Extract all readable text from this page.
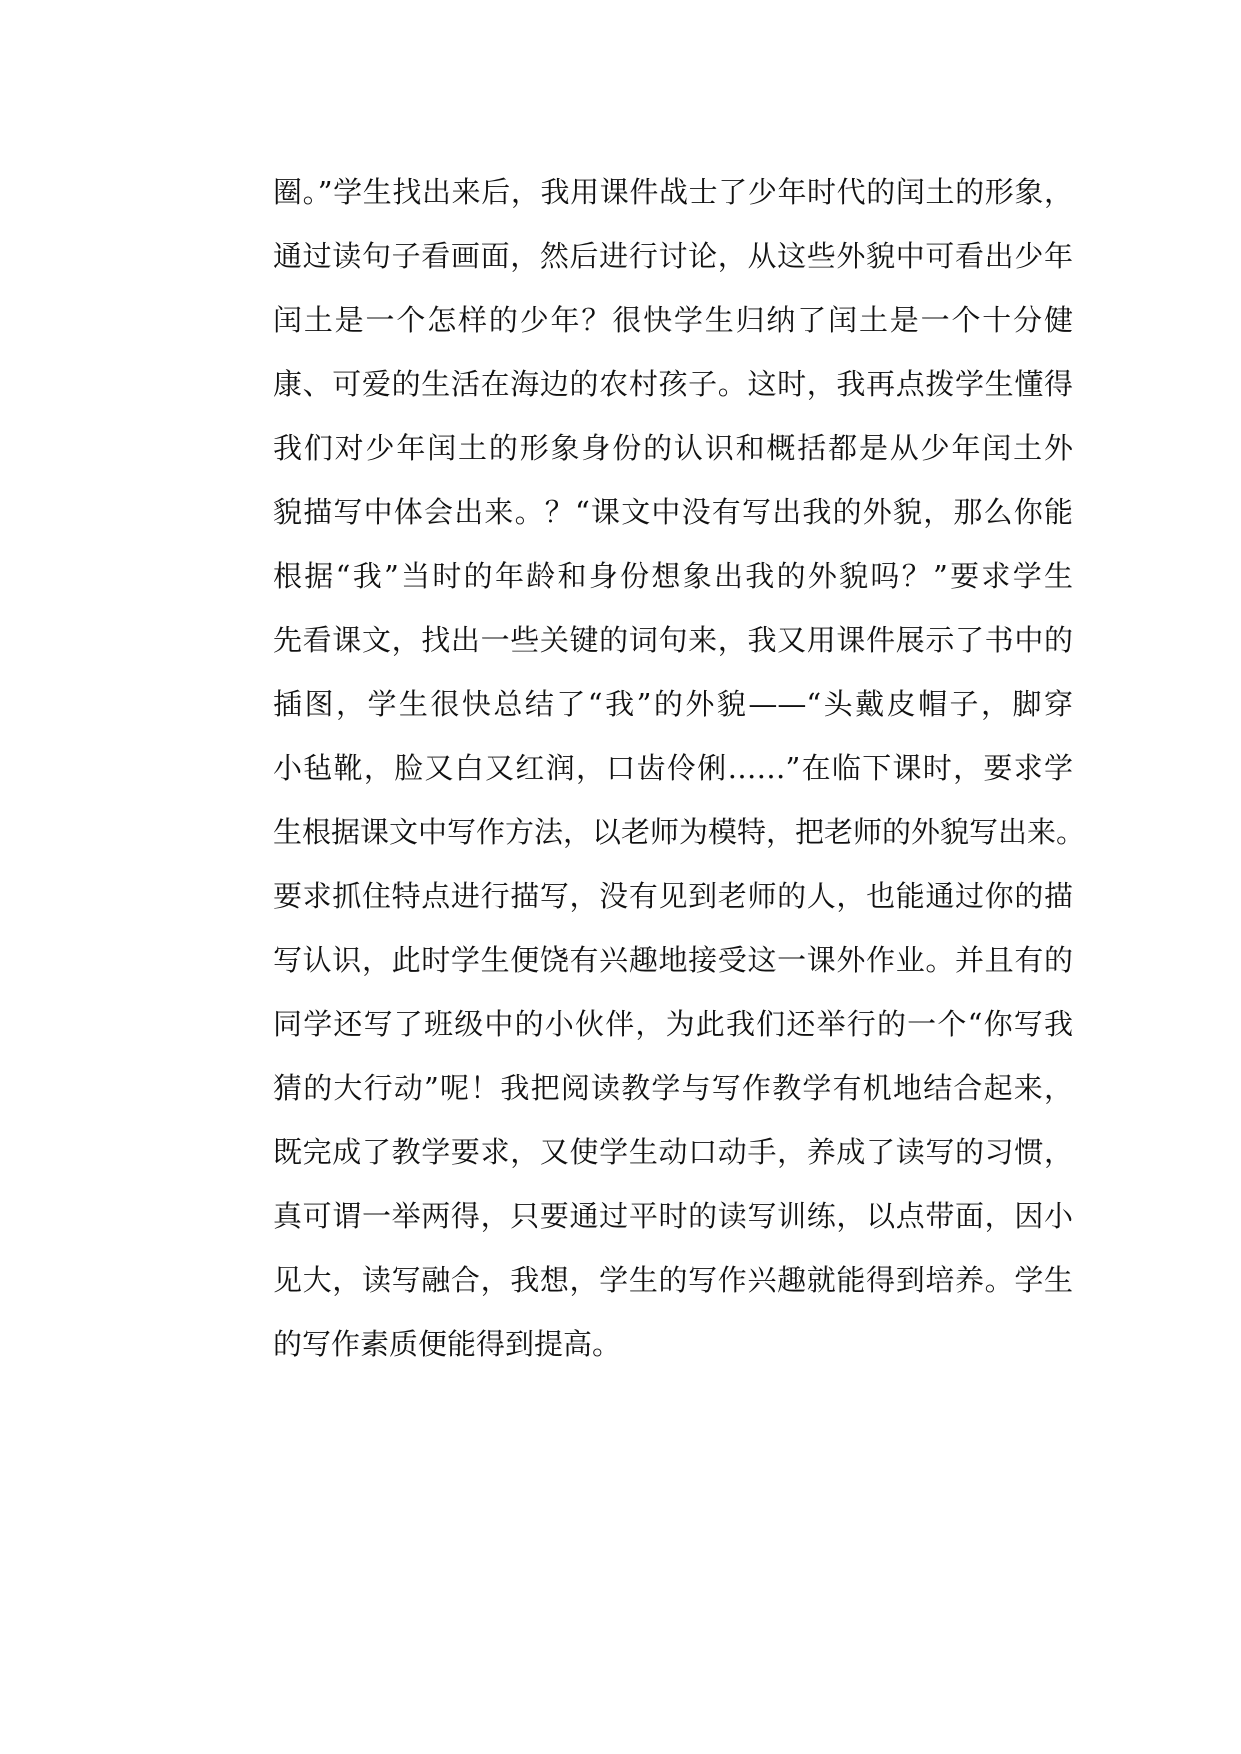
圈。”学生找出来后，我用课件战士了少年时代的闰土的形象，
通过读句子看画面，然后进行讨论，从这些外貌中可看出少年
闰土是一个怎样的少年？很快学生归纳了闰土是一个十分健
康、可爱的生活在海边的农村孩子。这时，我再点拨学生懂得
我们对少年闰土的形象身份的认识和概括都是从少年闰土外
貌描写中体会出来。？“课文中没有写出我的外貌，那么你能
根据“我”当时的年龄和身份想象出我的外貌吗？”要求学生
先看课文，找出一些关键的词句来，我又用课件展示了书中的
插图，学生很快总结了“我”的外貌——“头戴皮帽子，脚穿
小毡靴，脸又白又红润，口齿伶俐……”在临下课时，要求学
生根据课文中写作方法，以老师为模特，把老师的外貌写出来。
要求抓住特点进行描写，没有见到老师的人，也能通过你的描
写认识，此时学生便饶有兴趣地接受这一课外作业。并且有的
同学还写了班级中的小伙伴，为此我们还举行的一个“你写我
猜的大行动”呢！我把阅读教学与写作教学有机地结合起来，
既完成了教学要求，又使学生动口动手，养成了读写的习惯，
真可谓一举两得，只要通过平时的读写训练，以点带面，因小
见大，读写融合，我想，学生的写作兴趣就能得到培养。学生
的写作素质便能得到提高。
